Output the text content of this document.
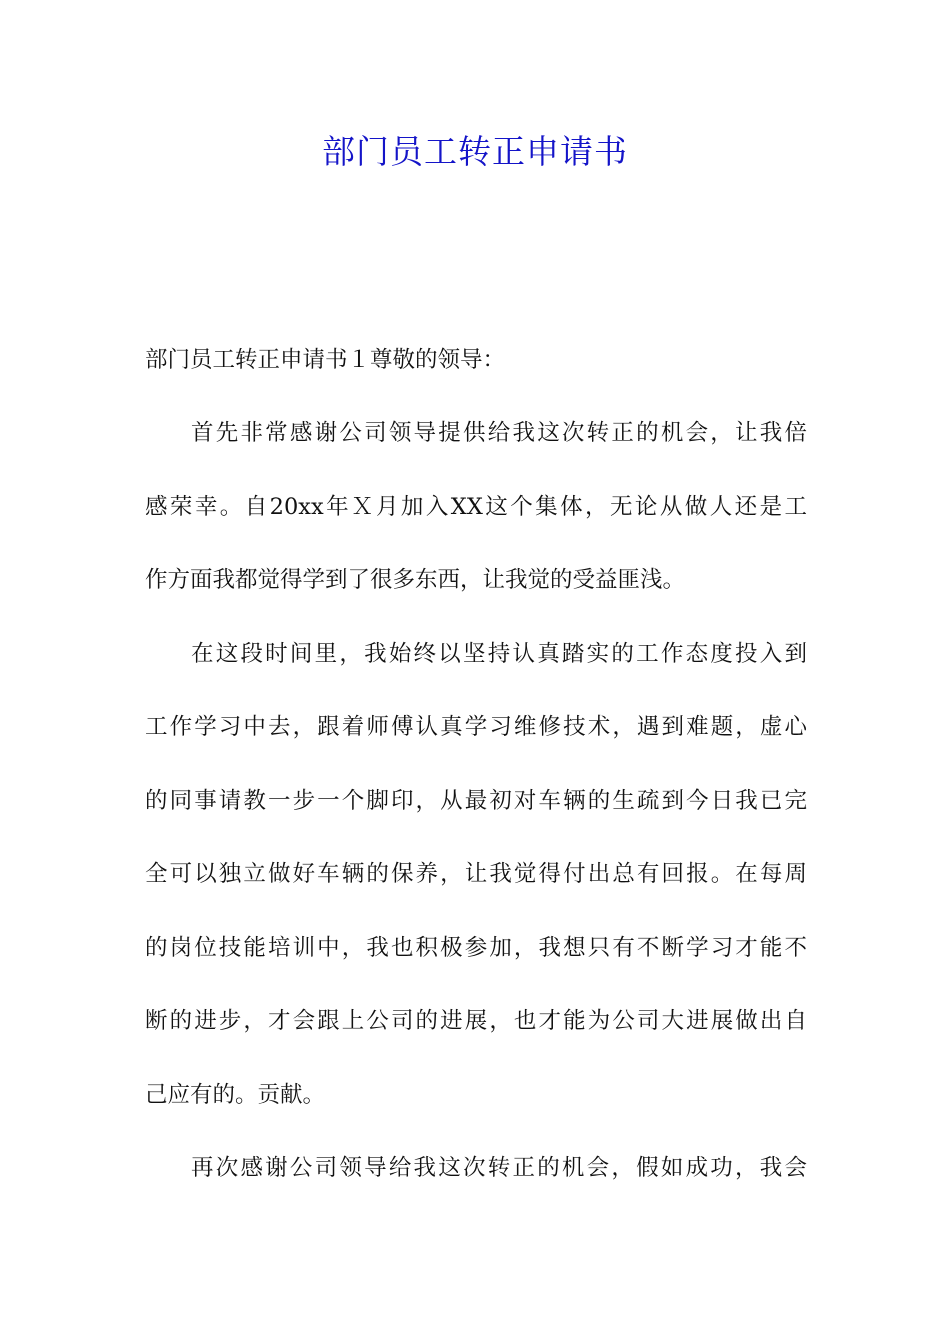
部门员工转正申请书
部门员工转正申请书１尊敬的领导：
首先非常感谢公司领导提供给我这次转正的机会，让我倍
感荣幸。自20xx年Ｘ月加入XX这个集体，无论从做人还是工
作方面我都觉得学到了很多东西，让我觉的受益匪浅。
在这段时间里，我始终以坚持认真踏实的工作态度投入到
工作学习中去，跟着师傅认真学习维修技术，遇到难题，虚心
的同事请教一步一个脚印，从最初对车辆的生疏到今日我已完
全可以独立做好车辆的保养，让我觉得付出总有回报。在每周
的岗位技能培训中，我也积极参加，我想只有不断学习才能不
断的进步，才会跟上公司的进展，也才能为公司大进展做出自
己应有的。贡献。
再次感谢公司领导给我这次转正的机会，假如成功，我会
